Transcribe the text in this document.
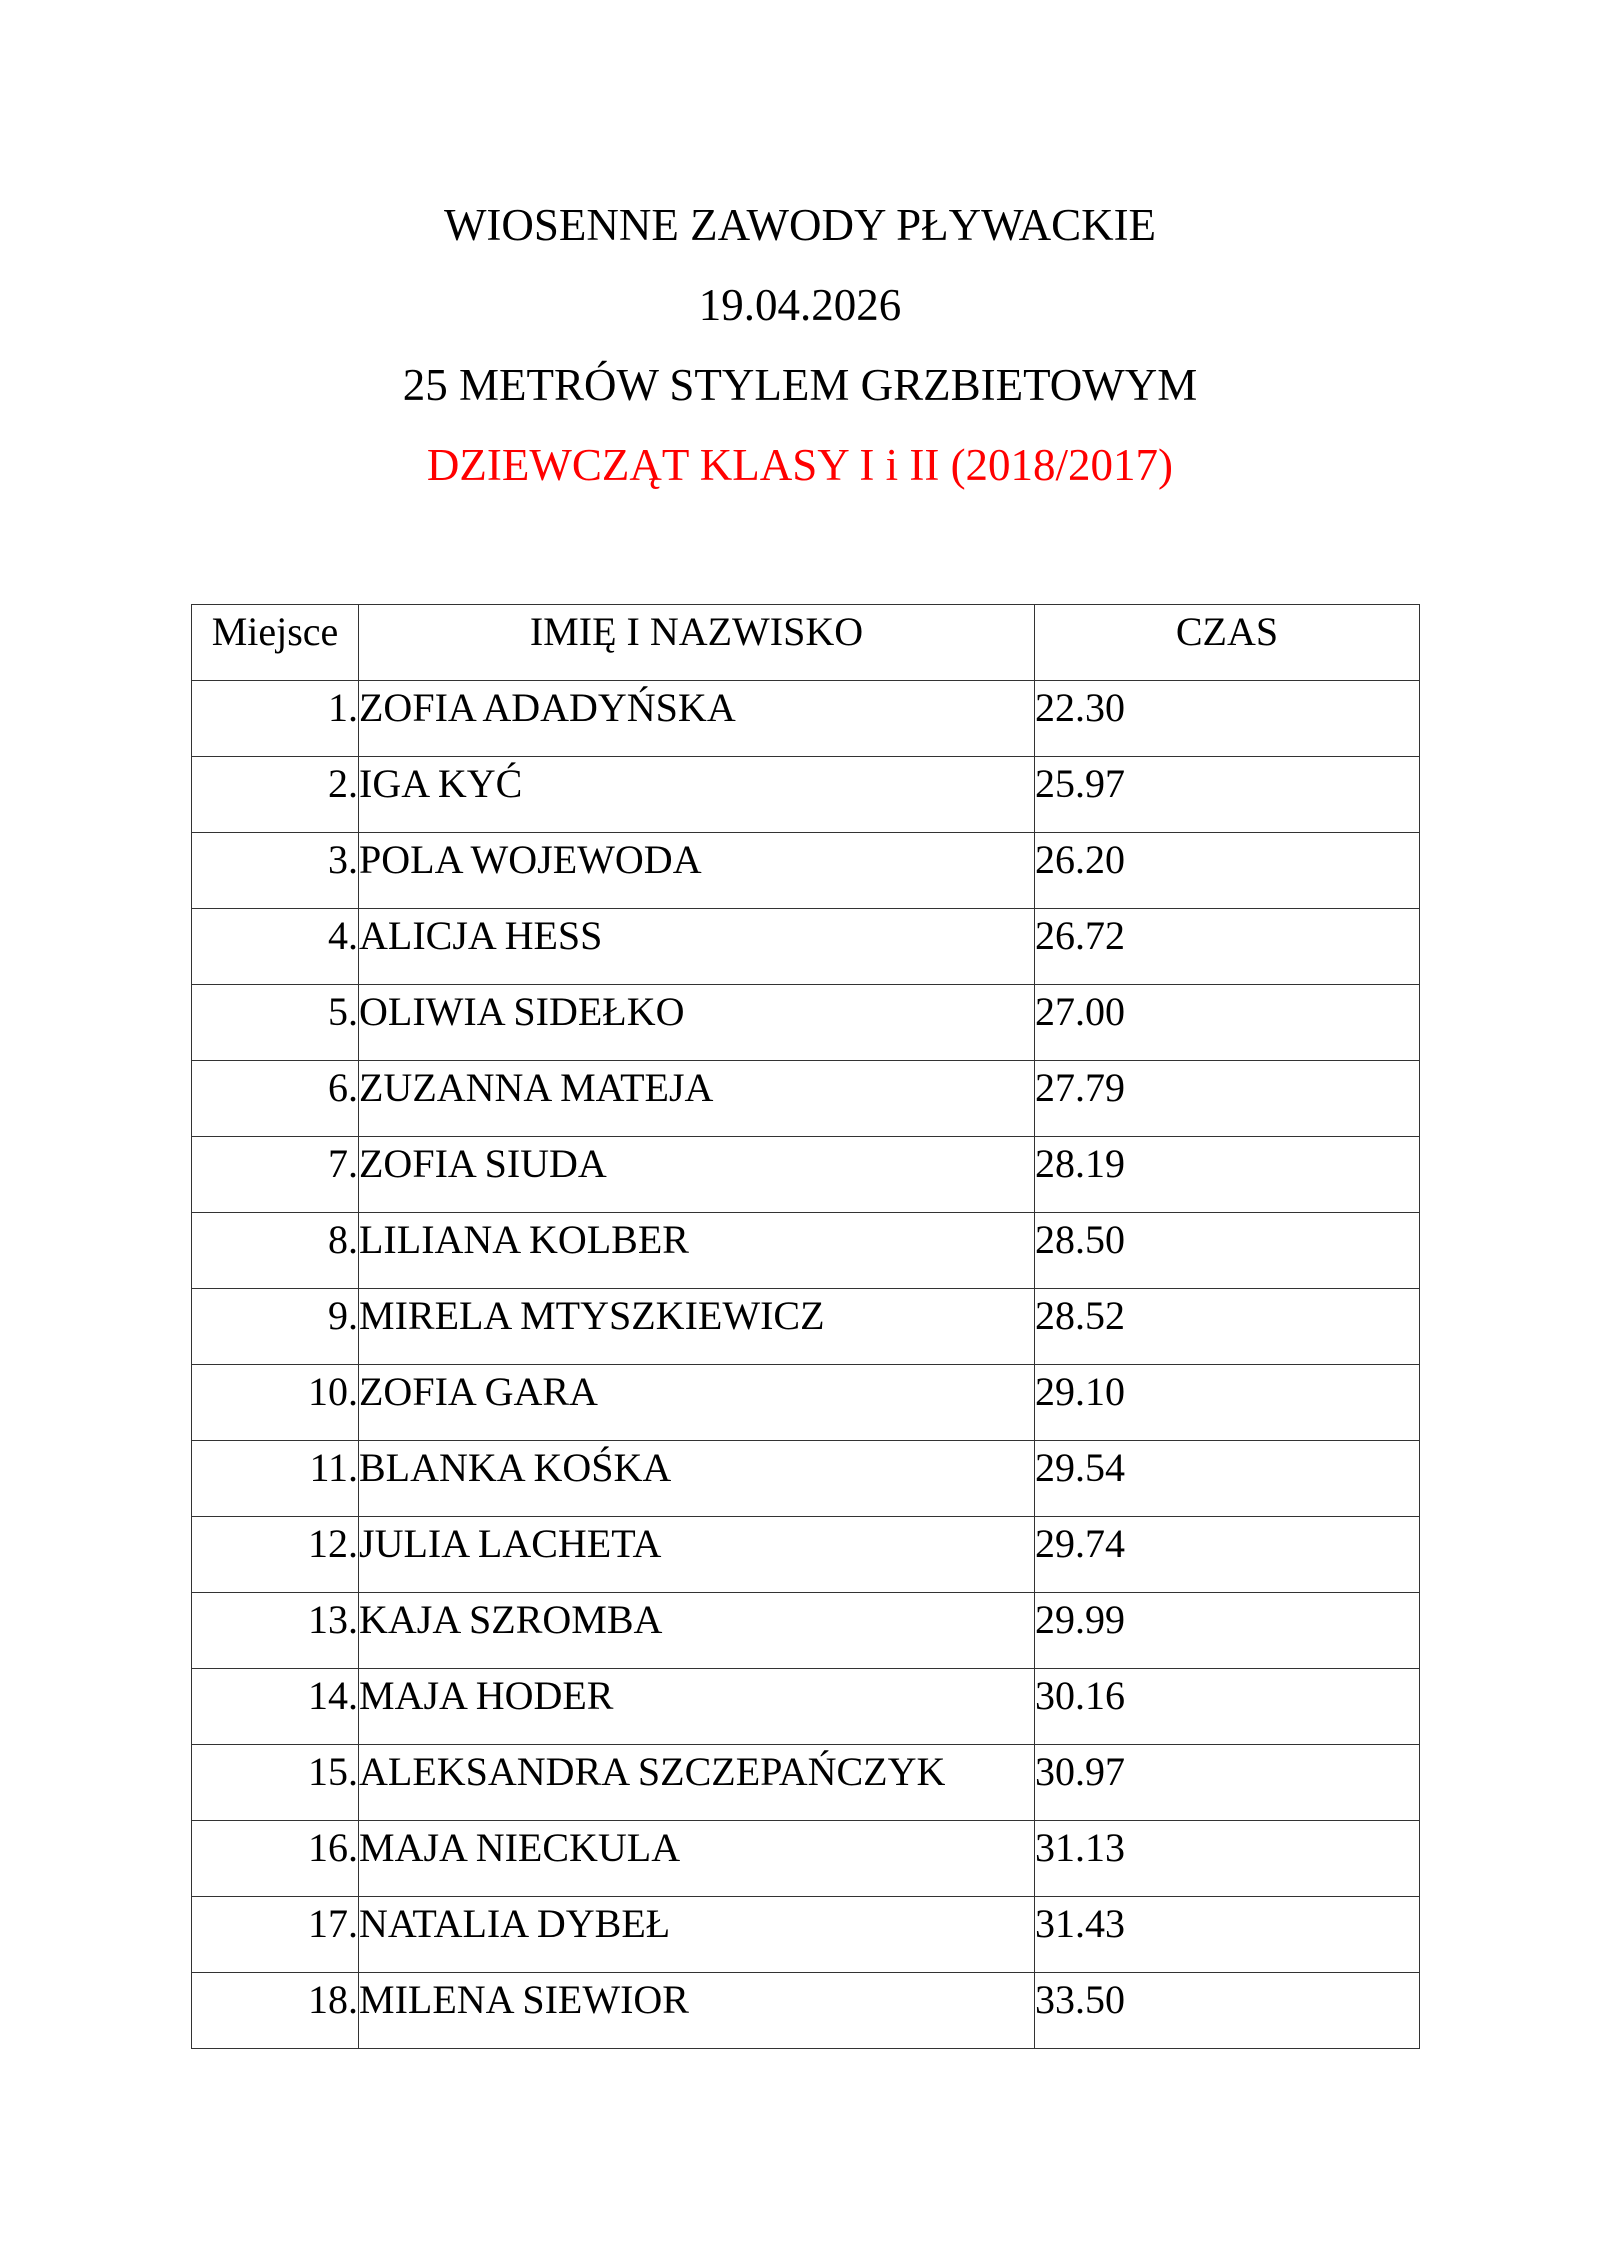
WIOSENNE ZAWODY PŁYWACKIE
19.04.2026
25 METRÓW STYLEM GRZBIETOWYM
DZIEWCZĄT KLASY I i II (2018/2017)
Miejsce	IMIĘ I NAZWISKO	CZAS
1.	ZOFIA ADADYŃSKA	22.30
2.	IGA KYĆ	25.97
3.	POLA WOJEWODA	26.20
4.	ALICJA HESS	26.72
5.	OLIWIA SIDEŁKO	27.00
6.	ZUZANNA MATEJA	27.79
7.	ZOFIA SIUDA	28.19
8.	LILIANA KOLBER	28.50
9.	MIRELA MTYSZKIEWICZ	28.52
10.	ZOFIA GARA	29.10
11.	BLANKA KOŚKA	29.54
12.	JULIA LACHETA	29.74
13.	KAJA SZROMBA	29.99
14.	MAJA HODER	30.16
15.	ALEKSANDRA SZCZEPAŃCZYK	30.97
16.	MAJA NIECKULA	31.13
17.	NATALIA DYBEŁ	31.43
18.	MILENA SIEWIOR	33.50
